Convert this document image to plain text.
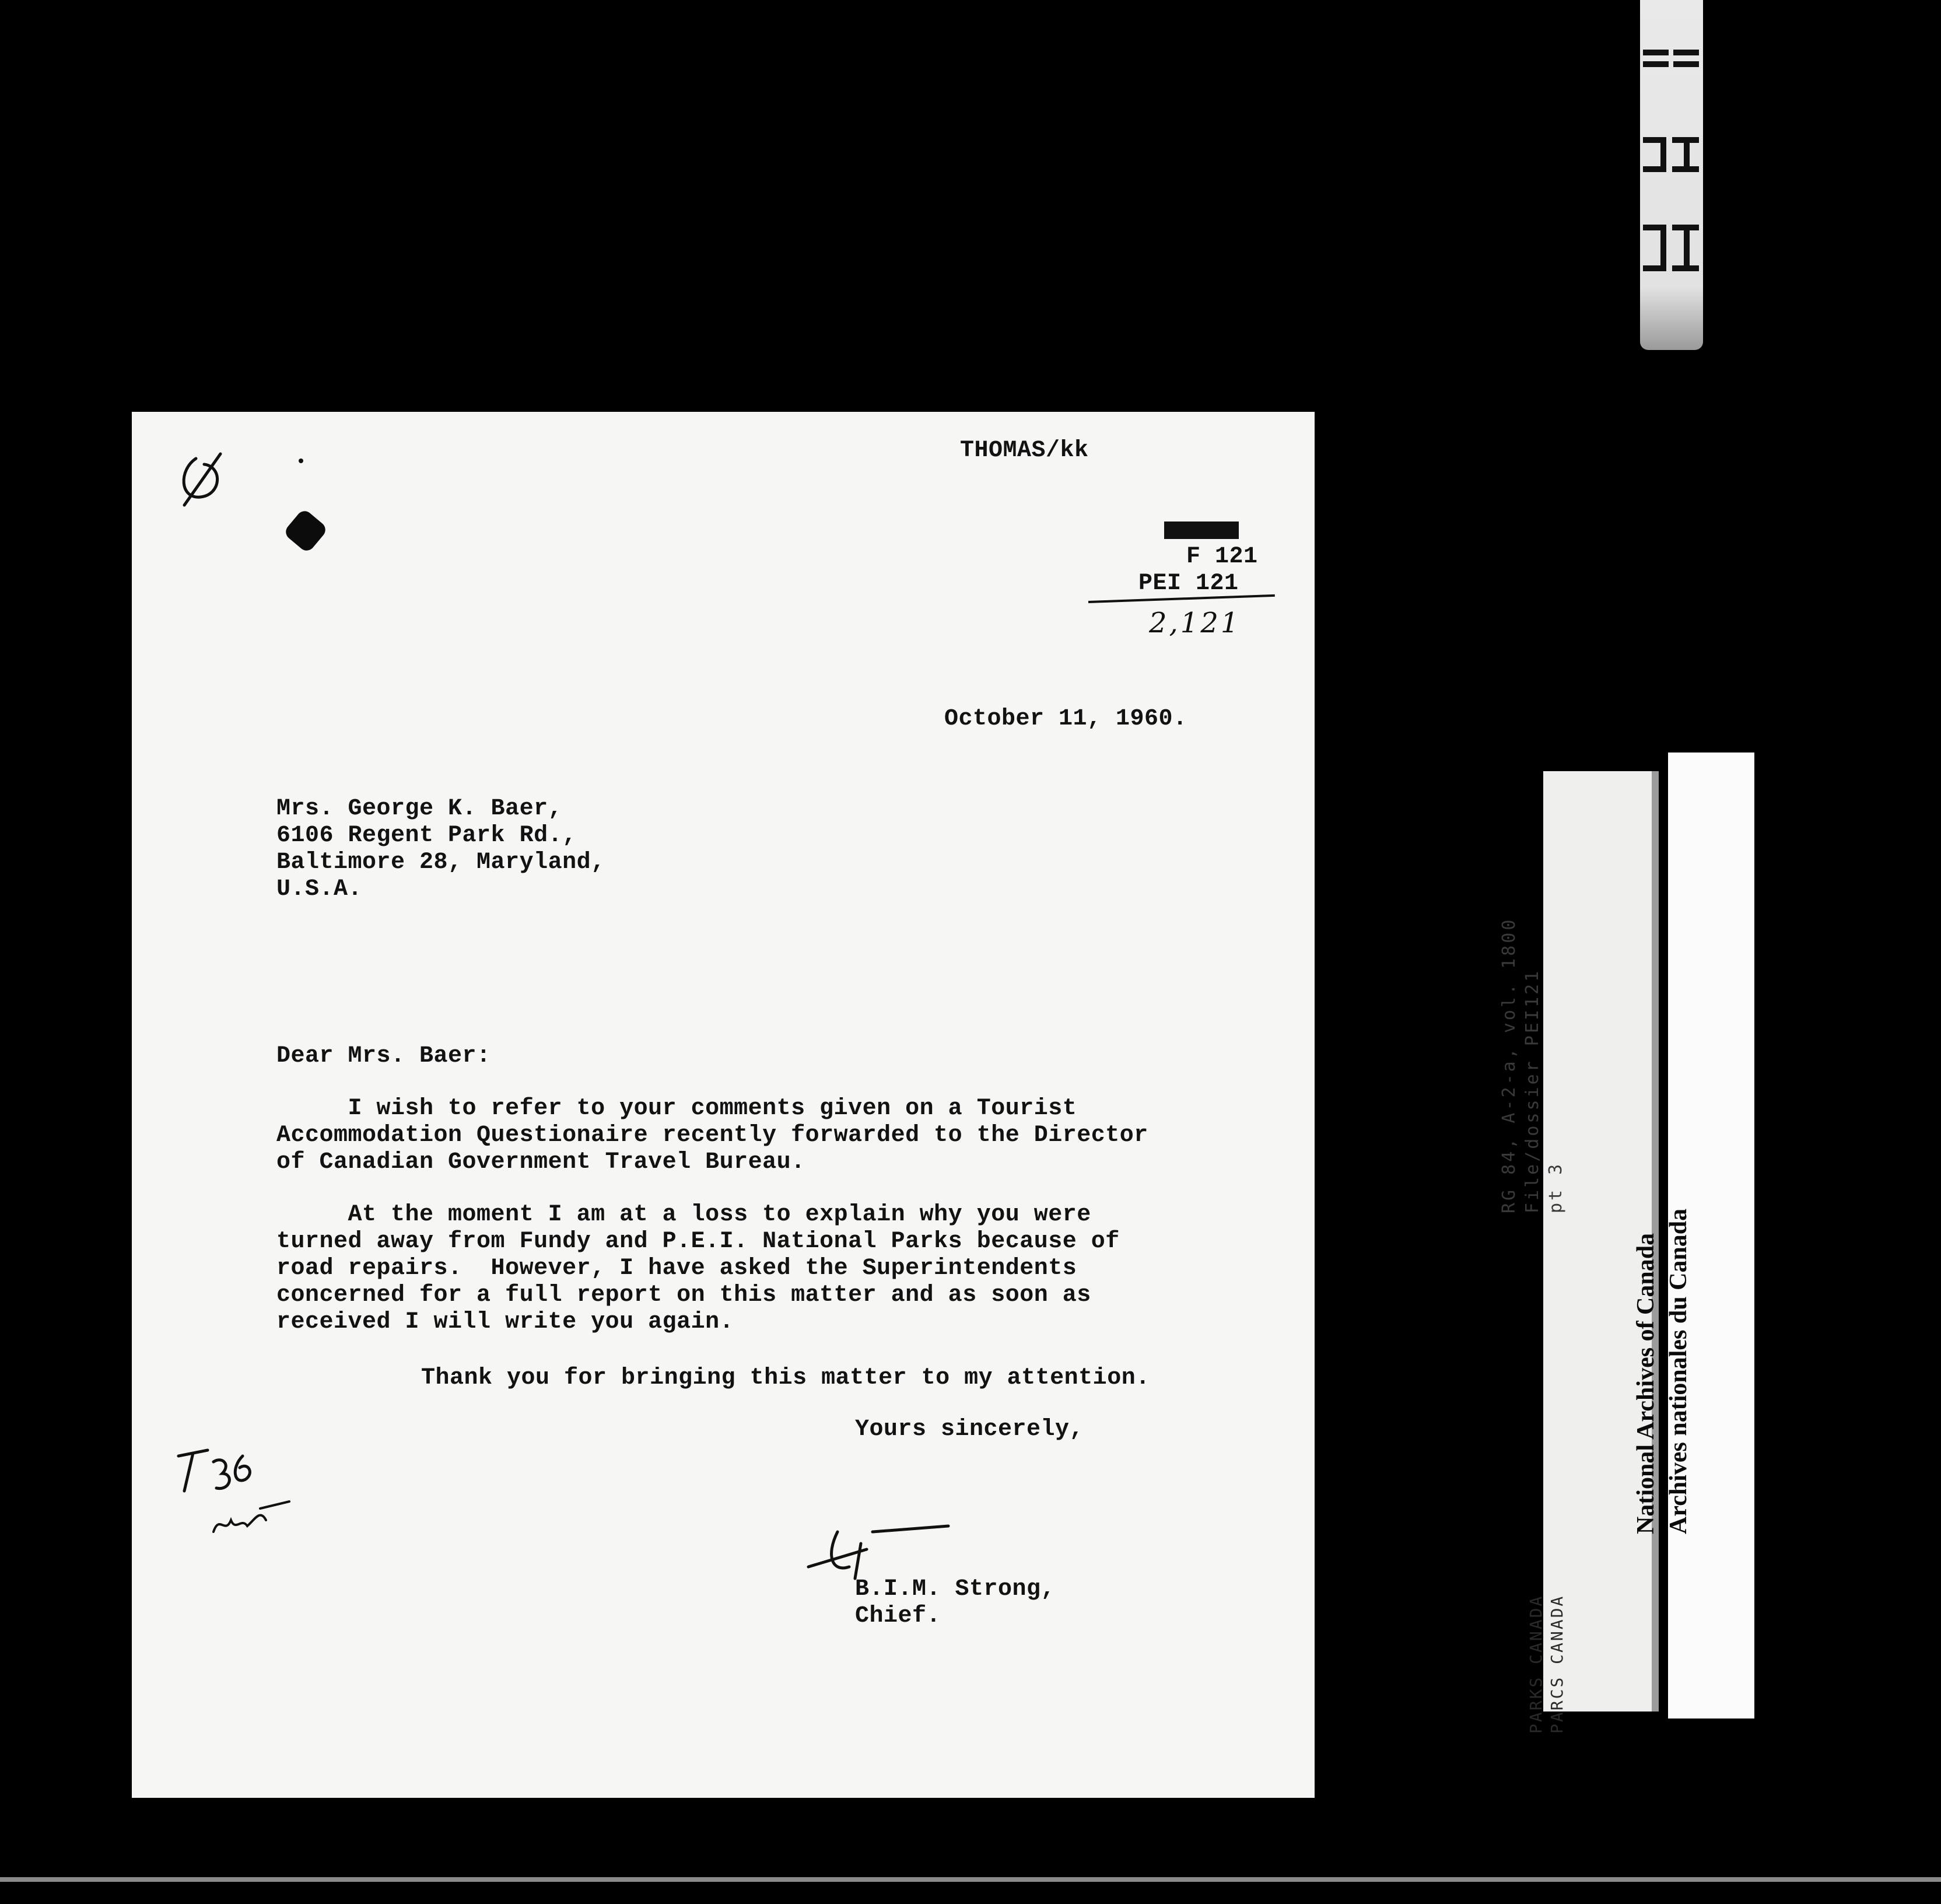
THOMAS/kk

F 121

PEI 121

2,121

October 11, 1960.

Mrs. George K. Baer,
6106 Regent Park Rd.,
Baltimore 28, Maryland,
U.S.A.

Dear Mrs. Baer:

I wish to refer to your comments given on a Tourist
Accommodation Questionaire recently forwarded to the Director
of Canadian Government Travel Bureau.
At the moment I am at a loss to explain why you were
turned away from Fundy and P.E.I. National Parks because of
road repairs.  However, I have asked the Superintendents
concerned for a full report on this matter and as soon as
received I will write you again.

Thank you for bringing this matter to my attention.

Yours sincerely,

B.I.M. Strong,
Chief.
RG 84, A-2-a, vol. 1800 File/dossier PEI121 pt 3
PARKS CANADA PARCS CANADA
National Archives of Canada Archives nationales du Canada
